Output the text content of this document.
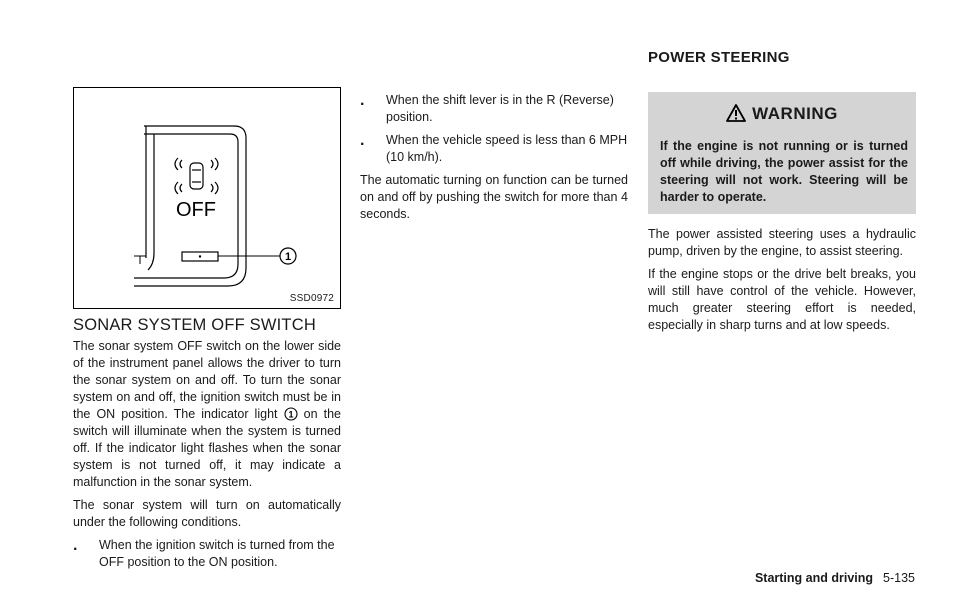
OFF
1
SSD0972
SONAR SYSTEM OFF SWITCH

The sonar system OFF switch on the lower side of the instrument panel allows the driver to turn the sonar system on and off. To turn the sonar system on and off, the ignition switch must be in the ON position. The indicator light 1 on the switch will illuminate when the system is turned off. If the indicator light flashes when the sonar system is not turned off, it may indicate a malfunction in the sonar system.

The sonar system will turn on automatically under the following conditions.

.	When the ignition switch is turned from the OFF position to the ON position.

.	When the shift lever is in the R (Reverse) position.

.	When the vehicle speed is less than 6 MPH (10 km/h).

The automatic turning on function can be turned on and off by pushing the switch for more than 4 seconds.

POWER STEERING
WARNING
If the engine is not running or is turned off while driving, the power assist for the steering will not work. Steering will be harder to operate.

The power assisted steering uses a hydraulic pump, driven by the engine, to assist steering.

If the engine stops or the drive belt breaks, you will still have control of the vehicle. However, much greater steering effort is needed, especially in sharp turns and at low speeds.

Starting and driving 5-135
